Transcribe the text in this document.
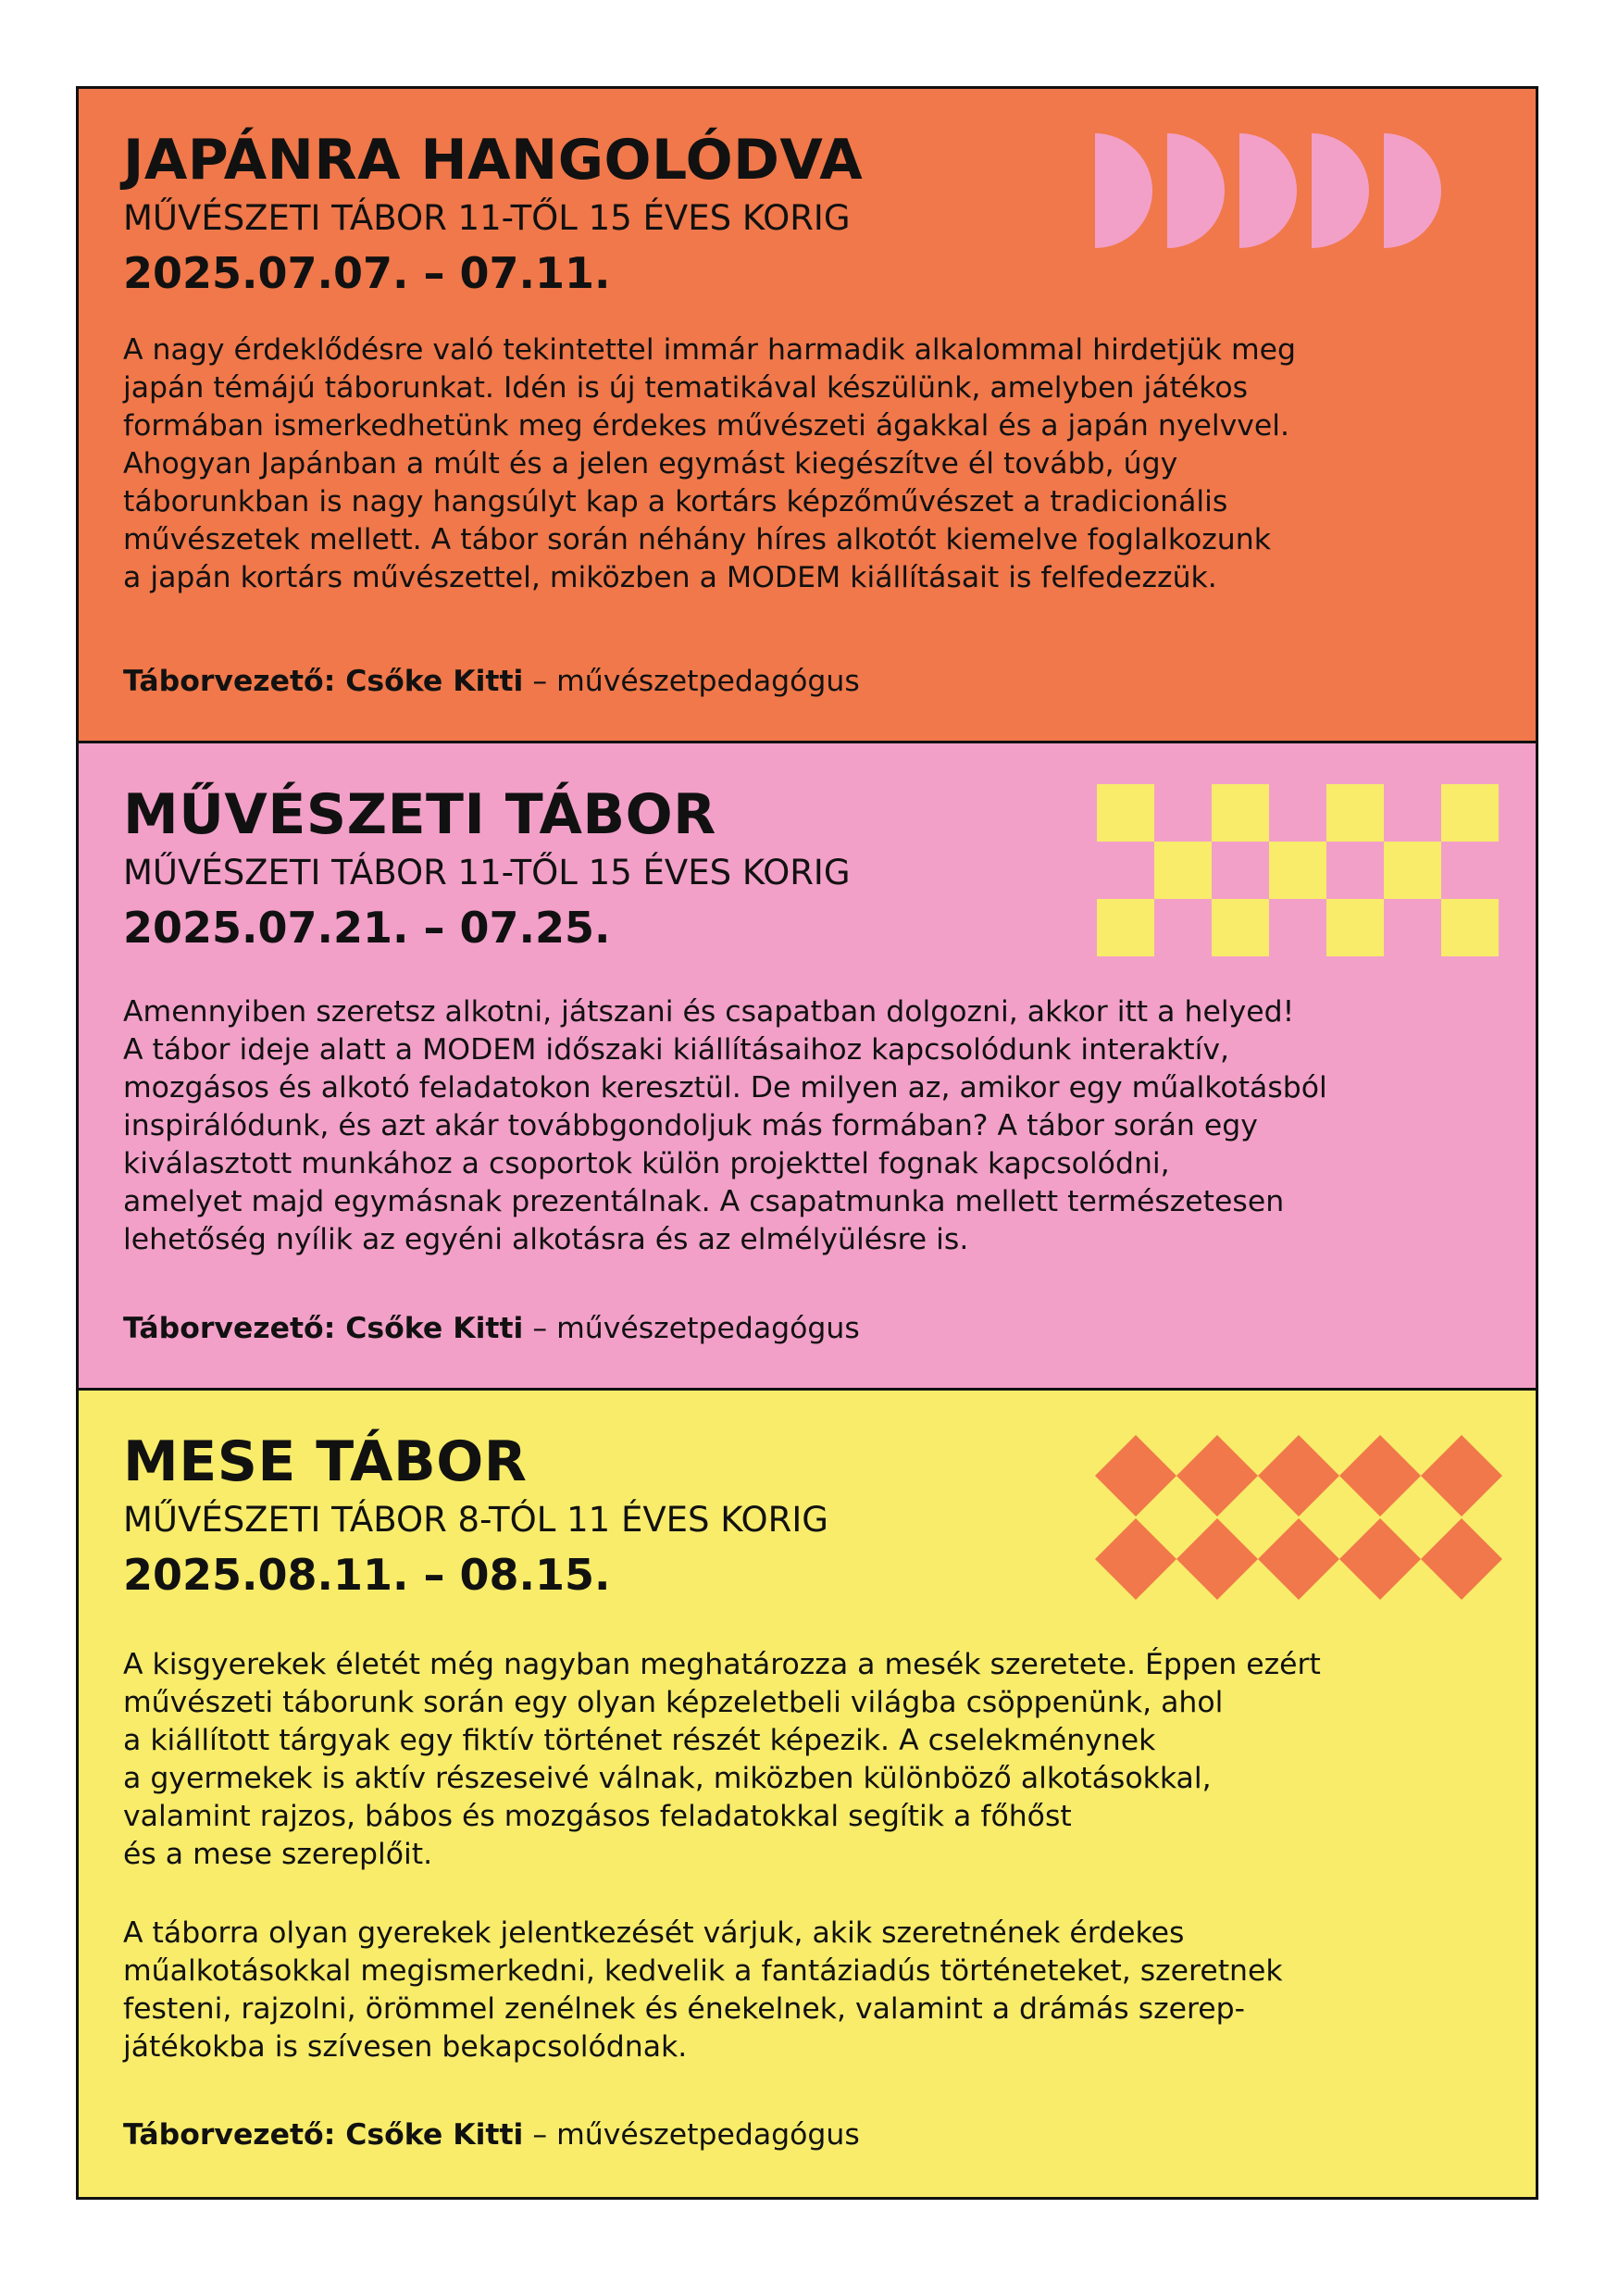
JAPÁNRA HANGOLÓDVA

MŰVÉSZETI TÁBOR 11-TŐL 15 ÉVES KORIG

2025.07.07. – 07.11.

A nagy érdeklődésre való tekintettel immár harmadik alkalommal hirdetjük meg
japán témájú táborunkat. Idén is új tematikával készülünk, amelyben játékos
formában ismerkedhetünk meg érdekes művészeti ágakkal és a japán nyelvvel.
Ahogyan Japánban a múlt és a jelen egymást kiegészítve él tovább, úgy
táborunkban is nagy hangsúlyt kap a kortárs képzőművészet a tradicionális
művészetek mellett. A tábor során néhány híres alkotót kiemelve foglalkozunk
a japán kortárs művészettel, miközben a MODEM kiállításait is felfedezzük.

Táborvezető: Csőke Kitti – művészetpedagógus

MŰVÉSZETI TÁBOR

MŰVÉSZETI TÁBOR 11-TŐL 15 ÉVES KORIG

2025.07.21. – 07.25.

Amennyiben szeretsz alkotni, játszani és csapatban dolgozni, akkor itt a helyed!
A tábor ideje alatt a MODEM időszaki kiállításaihoz kapcsolódunk interaktív,
mozgásos és alkotó feladatokon keresztül. De milyen az, amikor egy műalkotásból
inspirálódunk, és azt akár továbbgondoljuk más formában? A tábor során egy
kiválasztott munkához a csoportok külön projekttel fognak kapcsolódni,
amelyet majd egymásnak prezentálnak. A csapatmunka mellett természetesen
lehetőség nyílik az egyéni alkotásra és az elmélyülésre is.

Táborvezető: Csőke Kitti – művészetpedagógus

MESE TÁBOR

MŰVÉSZETI TÁBOR 8-TÓL 11 ÉVES KORIG

2025.08.11. – 08.15.

A kisgyerekek életét még nagyban meghatározza a mesék szeretete. Éppen ezért
művészeti táborunk során egy olyan képzeletbeli világba csöppenünk, ahol
a kiállított tárgyak egy fiktív történet részét képezik. A cselekménynek
a gyermekek is aktív részeseivé válnak, miközben különböző alkotásokkal,
valamint rajzos, bábos és mozgásos feladatokkal segítik a főhőst
és a mese szereplőit.

A táborra olyan gyerekek jelentkezését várjuk, akik szeretnének érdekes
műalkotásokkal megismerkedni, kedvelik a fantáziadús történeteket, szeretnek
festeni, rajzolni, örömmel zenélnek és énekelnek, valamint a drámás szerep-
játékokba is szívesen bekapcsolódnak.

Táborvezető: Csőke Kitti – művészetpedagógus
